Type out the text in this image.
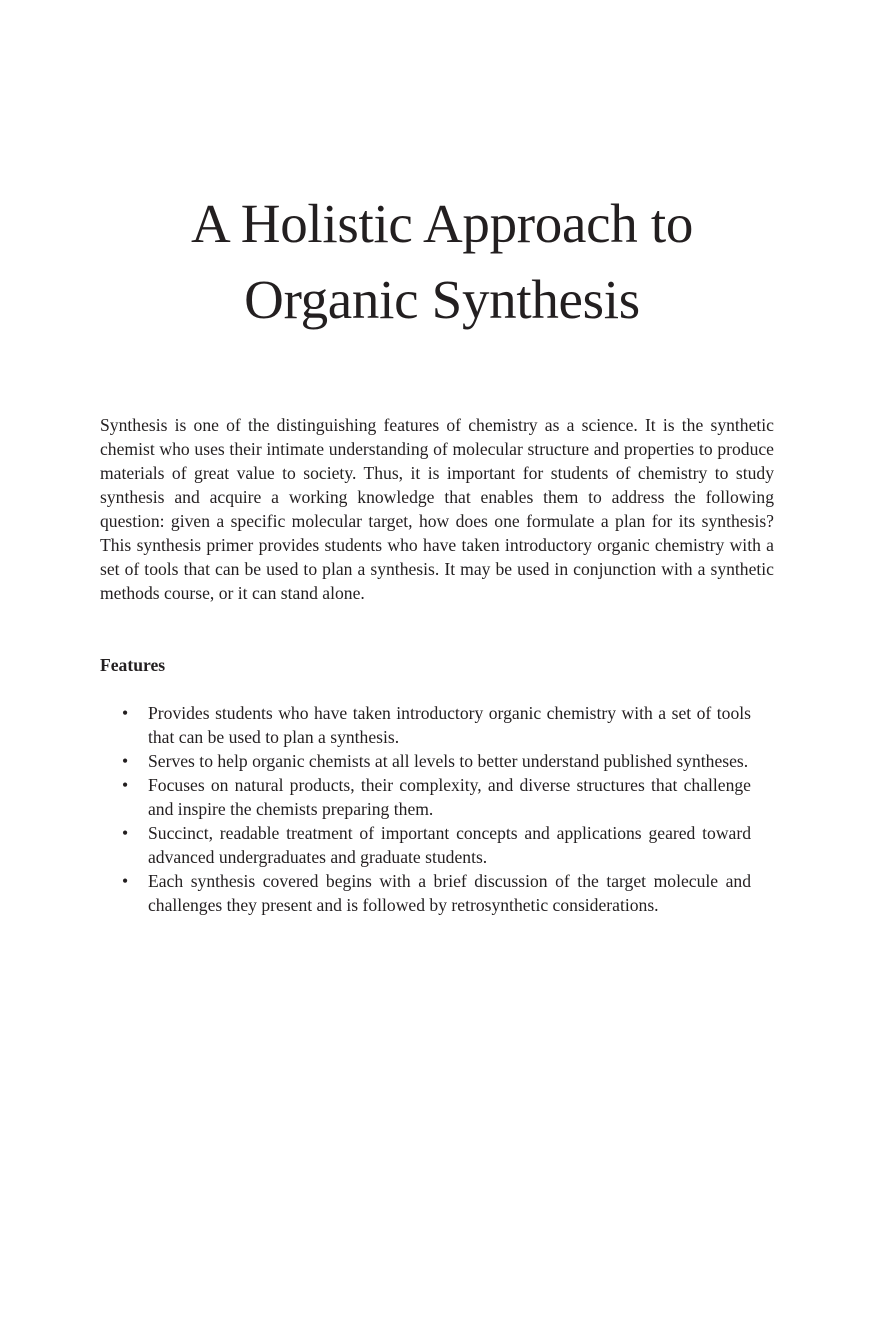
A Holistic Approach to
Organic Synthesis

Synthesis is one of the distinguishing features of chemistry as a science. It is the synthetic chemist who uses their intimate understanding of molecular structure and properties to produce materials of great value to society. Thus, it is important for students of chemistry to study synthesis and acquire a working knowledge that enables them to address the following question: given a specific molecular target, how does one formulate a plan for its synthesis? This synthesis primer provides students who have taken introductory organic chemistry with a set of tools that can be used to plan a synthesis. It may be used in conjunction with a synthetic methods course, or it can stand alone.

Features
• Provides students who have taken introductory organic chemistry with a set of tools that can be used to plan a synthesis.
• Serves to help organic chemists at all levels to better understand published syntheses.
• Focuses on natural products, their complexity, and diverse structures that challenge and inspire the chemists preparing them.
• Succinct, readable treatment of important concepts and applications geared toward advanced undergraduates and graduate students.
• Each synthesis covered begins with a brief discussion of the target molecule and challenges they present and is followed by retrosynthetic considerations.
